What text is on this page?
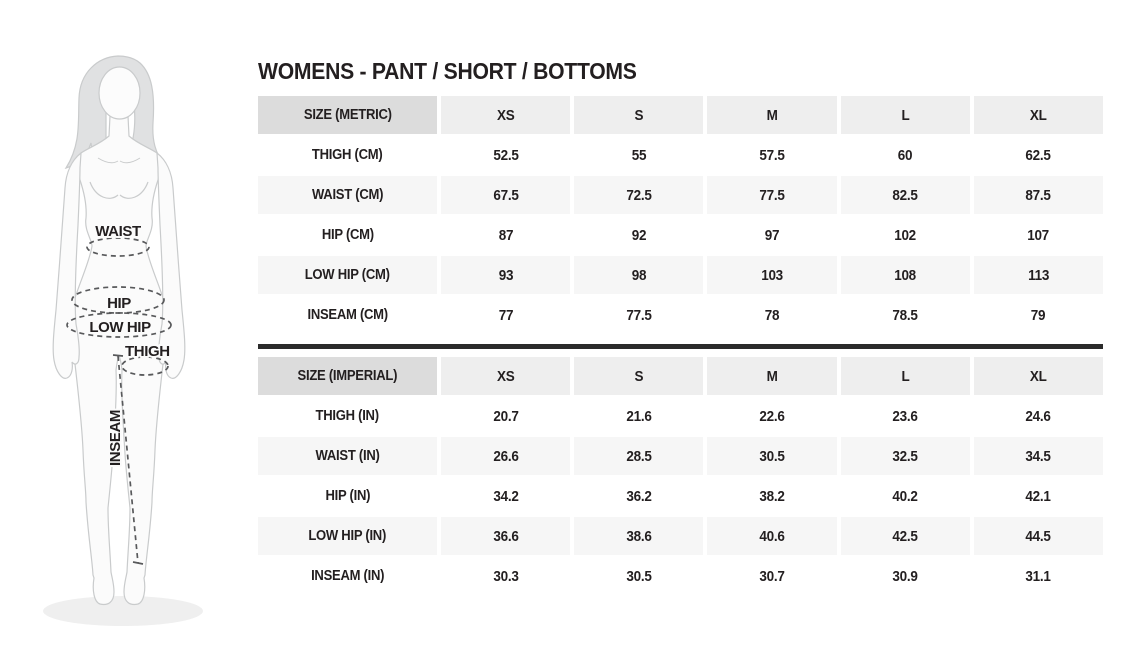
WAIST
HIP
LOW HIP
THIGH
INSEAM
WOMENS - PANT / SHORT / BOTTOMS
SIZE (METRIC)	XS	S	M	L	XL
THIGH (CM)	52.5	55	57.5	60	62.5
WAIST (CM)	67.5	72.5	77.5	82.5	87.5
HIP (CM)	87	92	97	102	107
LOW HIP (CM)	93	98	103	108	113
INSEAM (CM)	77	77.5	78	78.5	79
SIZE (IMPERIAL)	XS	S	M	L	XL
THIGH (IN)	20.7	21.6	22.6	23.6	24.6
WAIST (IN)	26.6	28.5	30.5	32.5	34.5
HIP (IN)	34.2	36.2	38.2	40.2	42.1
LOW HIP (IN)	36.6	38.6	40.6	42.5	44.5
INSEAM (IN)	30.3	30.5	30.7	30.9	31.1
